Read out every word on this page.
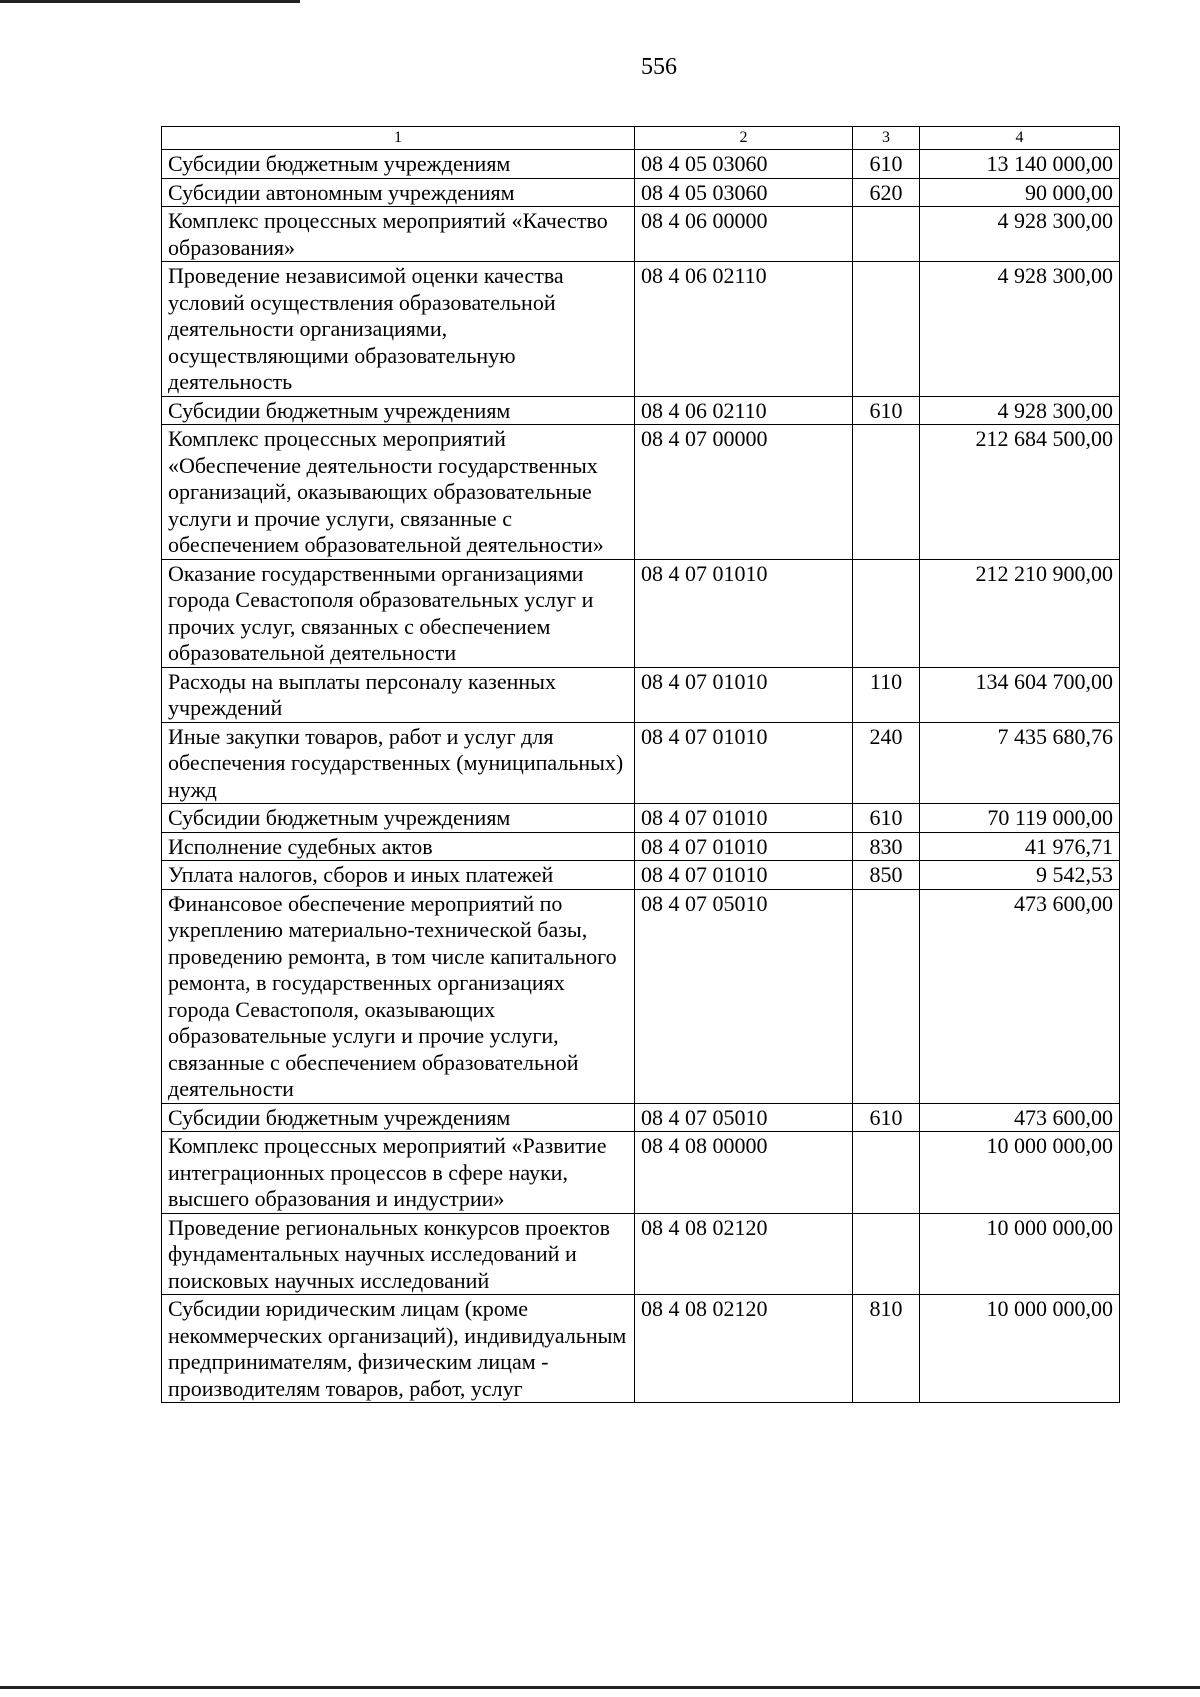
556
1	2	3	4
Субсидии бюджетным учреждениям	08 4 05 03060	610	13 140 000,00
Субсидии автономным учреждениям	08 4 05 03060	620	90 000,00
Комплекс процессных мероприятий «Качество образования»	08 4 06 00000		4 928 300,00
Проведение независимой оценки качества условий осуществления образовательной деятельности организациями, осуществляющими образовательную деятельность	08 4 06 02110		4 928 300,00
Субсидии бюджетным учреждениям	08 4 06 02110	610	4 928 300,00
Комплекс процессных мероприятий «Обеспечение деятельности государственных организаций, оказывающих образовательные услуги и прочие услуги, связанные с обеспечением образовательной деятельности»	08 4 07 00000		212 684 500,00
Оказание государственными организациями города Севастополя образовательных услуг и прочих услуг, связанных с обеспечением образовательной деятельности	08 4 07 01010		212 210 900,00
Расходы на выплаты персоналу казенных учреждений	08 4 07 01010	110	134 604 700,00
Иные закупки товаров, работ и услуг для обеспечения государственных (муниципальных) нужд	08 4 07 01010	240	7 435 680,76
Субсидии бюджетным учреждениям	08 4 07 01010	610	70 119 000,00
Исполнение судебных актов	08 4 07 01010	830	41 976,71
Уплата налогов, сборов и иных платежей	08 4 07 01010	850	9 542,53
Финансовое обеспечение мероприятий по укреплению материально-технической базы, проведению ремонта, в том числе капитального ремонта, в государственных организациях города Севастополя, оказывающих образовательные услуги и прочие услуги, связанные с обеспечением образовательной деятельности	08 4 07 05010		473 600,00
Субсидии бюджетным учреждениям	08 4 07 05010	610	473 600,00
Комплекс процессных мероприятий «Развитие интеграционных процессов в сфере науки, высшего образования и индустрии»	08 4 08 00000		10 000 000,00
Проведение региональных конкурсов проектов фундаментальных научных исследований и поисковых научных исследований	08 4 08 02120		10 000 000,00
Субсидии юридическим лицам (кроме некоммерческих организаций), индивидуальным предпринимателям, физическим лицам - производителям товаров, работ, услуг	08 4 08 02120	810	10 000 000,00
